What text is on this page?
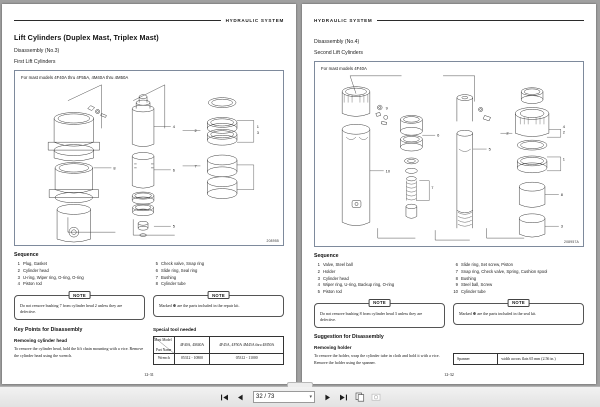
HYDRAULIC SYSTEM
Lift Cylinders (Duplex Mast, Triplex Mast)
Disassembly (No.3)
First Lift Cylinders
For mast models 4F40A thru 4F55A, 4M40A thru 4M50A
8
4
6
5
2
7
1
3
208955
Sequence
1 Plug, Gasket
2 Cylinder head
3 U-ring, Wiper ring, O-ring, O-ring
4 Piston rod
5 Check valve, Snap ring
6 Slide ring, Seal ring
7 Bushing
8 Cylinder tube
NOTE
Do not remove bushing 7 from cylinder head 2 unless they are defective.
NOTE
Marked ✽ are the parts included in the repair kit.
Key Points for Disassembly
Removing cylinder head

To remove the cylinder head, hold the lift chain mounting with a vice. Remove the cylinder head using the wrench.

Special tool needed
Mast Model
Part Name	4F40A, 4M40A	4F45A, 4F50A 4M45A thru 4M50A
Wrench	05312 - 10800	05312 - 11000
12-31
HYDRAULIC SYSTEM
Disassembly (No.4)
Second Lift Cylinders
For mast models 4F40A
10
6
7
5
2
4
2
1
8
3
9
208957A
Sequence
1 Valve, Steel ball
2 Holder
3 Cylinder head
4 Wiper ring, U-ring, Backup ring, O-ring
5 Piston rod
6 Slide ring, Set screw, Piston
7 Snap ring, Check valve, Spring, Cushion spool
8 Bushing
9 Steel ball, Screw
10 Cylinder tube
NOTE
Do not remove bushing 8 from cylinder head 3 unless they are defective.
NOTE
Marked ✽ are the parts included in the seal kit.
Suggestion for Disassembly
Removing holder

To remove the holder, wrap the cylinder tube in cloth and hold it with a vice. Remove the holder using the spanner.

Spanner	width across flats 65 mm (2.56 in.)
12-32
32 / 73	▾
